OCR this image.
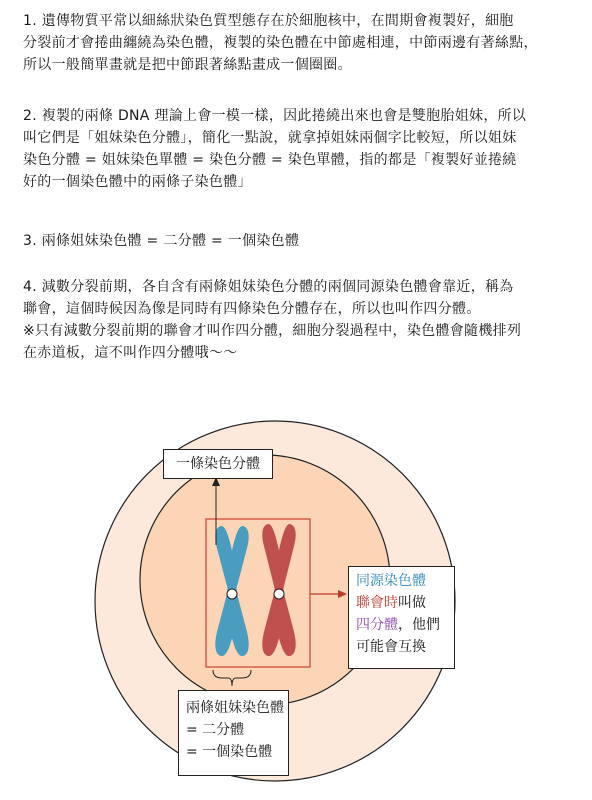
1. 遺傳物質平常以細絲狀染色質型態存在於細胞核中，在間期會複製好，細胞
分裂前才會捲曲纏繞為染色體，複製的染色體在中節處相連，中節兩邊有著絲點，
所以一般簡單畫就是把中節跟著絲點畫成一個圈圈。
2. 複製的兩條 DNA 理論上會一模一樣，因此捲繞出來也會是雙胞胎姐妹，所以
叫它們是「姐妹染色分體」，簡化一點說，就拿掉姐妹兩個字比較短，所以姐妹
染色分體 = 姐妹染色單體 = 染色分體 = 染色單體，指的都是「複製好並捲繞
好的一個染色體中的兩條子染色體」
3. 兩條姐妹染色體 = 二分體 = 一個染色體
4. 減數分裂前期，各自含有兩條姐妹染色分體的兩個同源染色體會靠近，稱為
聯會，這個時候因為像是同時有四條染色分體存在，所以也叫作四分體。
※只有減數分裂前期的聯會才叫作四分體，細胞分裂過程中，染色體會隨機排列
在赤道板，這不叫作四分體哦～～
一條染色分體
同源染色體
聯會時叫做
四分體，他們
可能會互換
兩條姐妹染色體
= 二分體
= 一個染色體
